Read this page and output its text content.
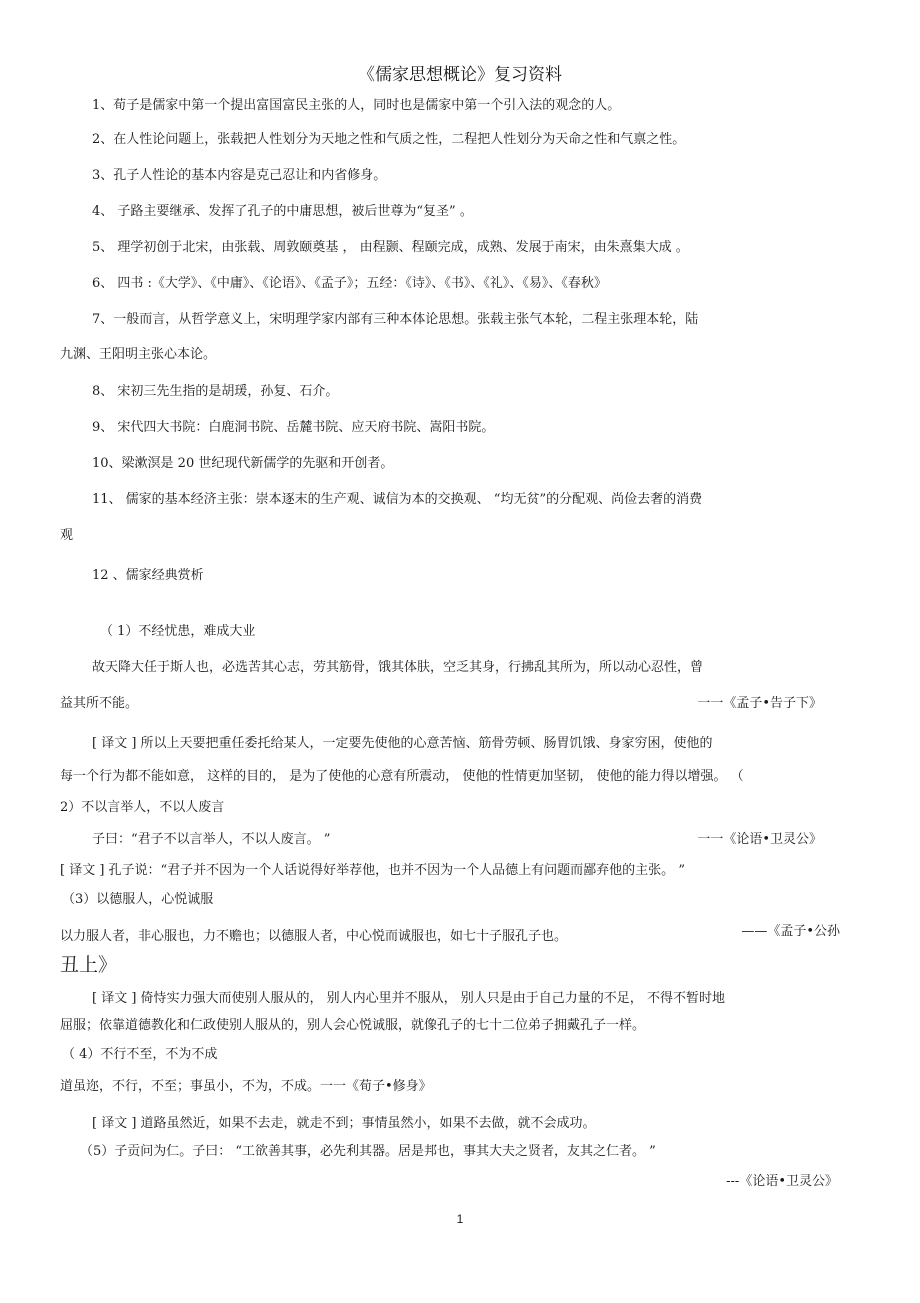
《儒家思想概论》复习资料
1、荀子是儒家中第一个提出富国富民主张的人，同时也是儒家中第一个引入法的观念的人。
2、在人性论问题上，张载把人性划分为天地之性和气质之性，二程把人性划分为天命之性和气禀之性。
3、孔子人性论的基本内容是克己忍让和内省修身。
4、 子路主要继承、发挥了孔子的中庸思想，被后世尊为“复圣” 。
5、 理学初创于北宋，由张载、周敦颐奠基 ， 由程颢、程颐完成，成熟、发展于南宋，由朱熹集大成 。
6、 四书 :《大学》、《中庸》、《论语》、《孟子》；五经：《诗》、《书》、《礼》、《易》、《春秋》
7、一般而言，从哲学意义上，宋明理学家内部有三种本体论思想。张载主张气本轮，二程主张理本轮，陆
九渊、王阳明主张心本论。
8、 宋初三先生指的是胡瑗，孙复、石介。
9、 宋代四大书院：白鹿洞书院、岳麓书院、应天府书院、嵩阳书院。
10、梁漱溟是 20 世纪现代新儒学的先驱和开创者。
11、 儒家的基本经济主张：崇本逐末的生产观、诚信为本的交换观、 “均无贫”的分配观、尚俭去奢的消费
观
12 、儒家经典赏析
（ 1）不经忧患，难成大业
故天降大任于斯人也，必选苦其心志，劳其筋骨，饿其体肤，空乏其身，行拂乱其所为，所以动心忍性，曾
益其所不能。	一一《孟子•告子下》
[ 译文 ] 所以上天要把重任委托给某人，一定要先使他的心意苦恼、筋骨劳顿、肠胃饥饿、身家穷困，使他的
每一个行为都不能如意， 这样的目的， 是为了使他的心意有所震动， 使他的性情更加坚韧， 使他的能力得以增强。 （
2）不以言举人，不以人废言
子曰：“君子不以言举人，不以人废言。 ”	一一《论语•卫灵公》
[ 译文 ] 孔子说：“君子并不因为一个人话说得好举荐他，也并不因为一个人品德上有问题而鄙弃他的主张。 ”
（3）以德服人，心悦诚服
以力服人者，非心服也，力不赡也；以德服人者，中心悦而诚服也，如七十子服孔子也。	——《孟子•公孙
丑上》
[ 译文 ] 倚恃实力强大而使别人服从的， 别人内心里并不服从， 别人只是由于自己力量的不足， 不得不暂时地
屈服；依靠道德教化和仁政使别人服从的，别人会心悦诚服，就像孔子的七十二位弟子拥戴孔子一样。
（ 4）不行不至，不为不成
道虽迩，不行，不至；事虽小，不为，不成。一一《荀子•修身》
[ 译文 ] 道路虽然近，如果不去走，就走不到；事情虽然小，如果不去做，就不会成功。
（5）子贡问为仁。子曰： “工欲善其事，必先利其器。居是邦也，事其大夫之贤者，友其之仁者。 ”
---《论语•卫灵公》
1
